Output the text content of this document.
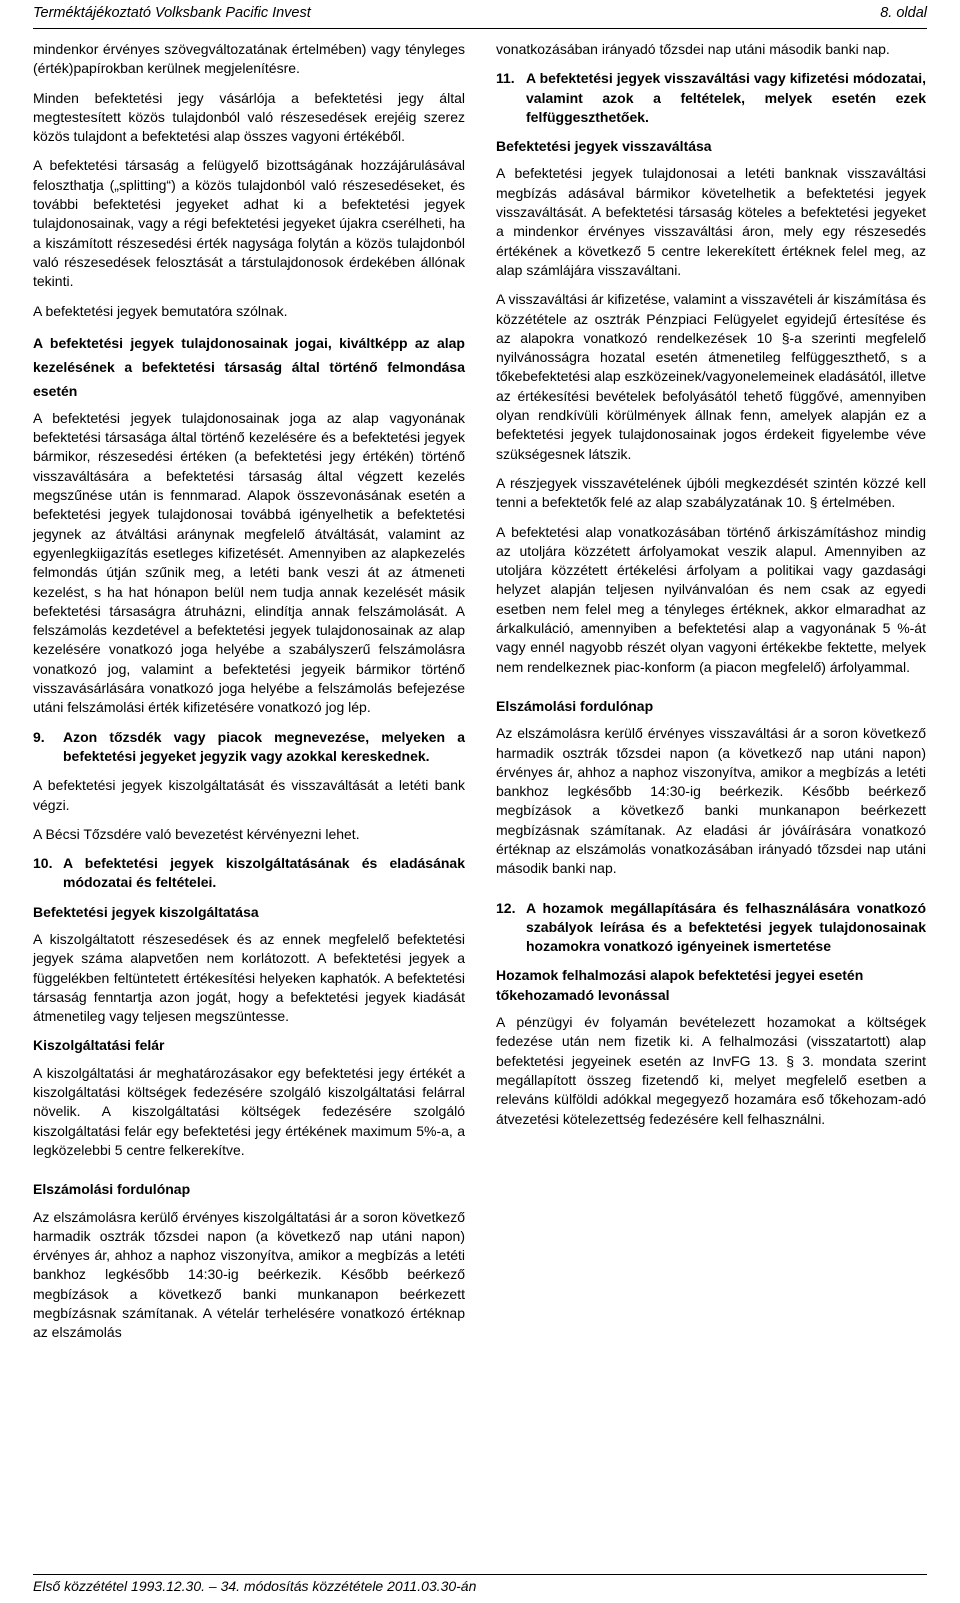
Terméktájékoztató Volksbank Pacific Invest	8. oldal

mindenkor érvényes szövegváltozatának értelmében) vagy tényleges (érték)papírokban kerülnek megjelenítésre.

Minden befektetési jegy vásárlója a befektetési jegy által megtestesített közös tulajdonból való részesedések erejéig szerez közös tulajdont a befektetési alap összes vagyoni értékéből.

A befektetési társaság a felügyelő bizottságának hozzájárulásával feloszthatja („splitting“) a közös tulajdonból való részesedéseket, és további befektetési jegyeket adhat ki a befektetési jegyek tulajdonosainak, vagy a régi befektetési jegyeket újakra cserélheti, ha a kiszámított részesedési érték nagysága folytán a közös tulajdonból való részesedések felosztását a társtulajdonosok érdekében állónak tekinti.

A befektetési jegyek bemutatóra szólnak.

A befektetési jegyek tulajdonosainak jogai, kiváltképp az alap kezelésének a befektetési társaság által történő felmondása esetén

A befektetési jegyek tulajdonosainak joga az alap vagyonának befektetési társasága által történő kezelésére és a befektetési jegyek bármikor, részesedési értéken (a befektetési jegy értékén) történő visszaváltására a befektetési társaság által végzett kezelés megszűnése után is fennmarad. Alapok összevonásának esetén a befektetési jegyek tulajdonosai továbbá igényelhetik a befektetési jegynek az átváltási aránynak megfelelő átváltását, valamint az egyenlegkiigazítás esetleges kifizetését. Amennyiben az alapkezelés felmondás útján szűnik meg, a letéti bank veszi át az átmeneti kezelést, s ha hat hónapon belül nem tudja annak kezelését másik befektetési társaságra átruházni, elindítja annak felszámolását. A felszámolás kezdetével a befektetési jegyek tulajdonosainak az alap kezelésére vonatkozó joga helyébe a szabályszerű felszámolásra vonatkozó jog, valamint a befektetési jegyeik bármikor történő visszavásárlására vonatkozó joga helyébe a felszámolás befejezése utáni felszámolási érték kifizetésére vonatkozó jog lép.

9.	Azon tőzsdék vagy piacok megnevezése, melyeken a befektetési jegyeket jegyzik vagy azokkal kereskednek.

A befektetési jegyek kiszolgáltatását és visszaváltását a letéti bank végzi.

A Bécsi Tőzsdére való bevezetést kérvényezni lehet.

10. A befektetési jegyek kiszolgáltatásának és eladásának módozatai és feltételei.
Befektetési jegyek kiszolgáltatása

A kiszolgáltatott részesedések és az ennek megfelelő befektetési jegyek száma alapvetően nem korlátozott. A befektetési jegyek a függelékben feltüntetett értékesítési helyeken kaphatók. A befektetési társaság fenntartja azon jogát, hogy a befektetési jegyek kiadását átmenetileg vagy teljesen megszüntesse.

Kiszolgáltatási felár

A kiszolgáltatási ár meghatározásakor egy befektetési jegy értékét a kiszolgáltatási költségek fedezésére szolgáló kiszolgáltatási felárral növelik. A kiszolgáltatási költségek fedezésére szolgáló kiszolgáltatási felár egy befektetési jegy értékének maximum 5%-a, a legközelebbi 5 centre felkerekítve.

Elszámolási fordulónap

Az elszámolásra kerülő érvényes kiszolgáltatási ár a soron következő harmadik osztrák tőzsdei napon (a következő nap utáni napon) érvényes ár, ahhoz a naphoz viszonyítva, amikor a megbízás a letéti bankhoz legkésőbb 14:30-ig beérkezik. Később beérkező megbízások a következő banki munkanapon beérkezett megbízásnak számítanak. A vételár terhelésére vonatkozó értéknap az elszámolás

vonatkozásában irányadó tőzsdei nap utáni második banki nap.

11. A befektetési jegyek visszaváltási vagy kifizetési módozatai, valamint azok a feltételek, melyek esetén ezek felfüggeszthetőek.
Befektetési jegyek visszaváltása

A befektetési jegyek tulajdonosai a letéti banknak visszaváltási megbízás adásával bármikor követelhetik a befektetési jegyek visszaváltását. A befektetési társaság köteles a befektetési jegyeket a mindenkor érvényes visszaváltási áron, mely egy részesedés értékének a következő 5 centre lekerekített értéknek felel meg, az alap számlájára visszaváltani.

A visszaváltási ár kifizetése, valamint a visszavételi ár kiszámítása és közzététele az osztrák Pénzpiaci Felügyelet egyidejű értesítése és az alapokra vonatkozó rendelkezések 10 §-a szerinti megfelelő nyilvánosságra hozatal esetén átmenetileg felfüggeszthető, s a tőkebefektetési alap eszközeinek/vagyonelemeinek eladásától, illetve az értékesítési bevételek befolyásától tehető függővé, amennyiben olyan rendkívüli körülmények állnak fenn, amelyek alapján ez a befektetési jegyek tulajdonosainak jogos érdekeit figyelembe véve szükségesnek látszik.

A részjegyek visszavételének újbóli megkezdését szintén közzé kell tenni a befektetők felé az alap szabályzatának 10. § értelmében.

A befektetési alap vonatkozásában történő árkiszámításhoz mindig az utoljára közzétett árfolyamokat veszik alapul. Amennyiben az utoljára közzétett értékelési árfolyam a politikai vagy gazdasági helyzet alapján teljesen nyilvánvalóan és nem csak az egyedi esetben nem felel meg a tényleges értéknek, akkor elmaradhat az árkalkuláció, amennyiben a befektetési alap a vagyonának 5 %-át vagy ennél nagyobb részét olyan vagyoni értékekbe fektette, melyek nem rendelkeznek piac-konform (a piacon megfelelő) árfolyammal.

Elszámolási fordulónap

Az elszámolásra kerülő érvényes visszaváltási ár a soron következő harmadik osztrák tőzsdei napon (a következő nap utáni napon) érvényes ár, ahhoz a naphoz viszonyítva, amikor a megbízás a letéti bankhoz legkésőbb 14:30-ig beérkezik. Később beérkező megbízások a következő banki munkanapon beérkezett megbízásnak számítanak. Az eladási ár jóváírására vonatkozó értéknap az elszámolás vonatkozásában irányadó tőzsdei nap utáni második banki nap.

12. A hozamok megállapítására és felhasználására vonatkozó szabályok leírása és a befektetési jegyek tulajdonosainak hozamokra vonatkozó igényeinek ismertetése
Hozamok felhalmozási alapok befektetési jegyei esetén tőkehozamadó levonással

A pénzügyi év folyamán bevételezett hozamokat a költségek fedezése után nem fizetik ki. A felhalmozási (visszatartott) alap befektetési jegyeinek esetén az InvFG 13. § 3. mondata szerint megállapított összeg fizetendő ki, melyet megfelelő esetben a releváns külföldi adókkal megegyező hozamára eső tőkehozam-adó átvezetési kötelezettség fedezésére kell felhasználni.

Első közzététel 1993.12.30. – 34. módosítás közzététele 2011.03.30-án
